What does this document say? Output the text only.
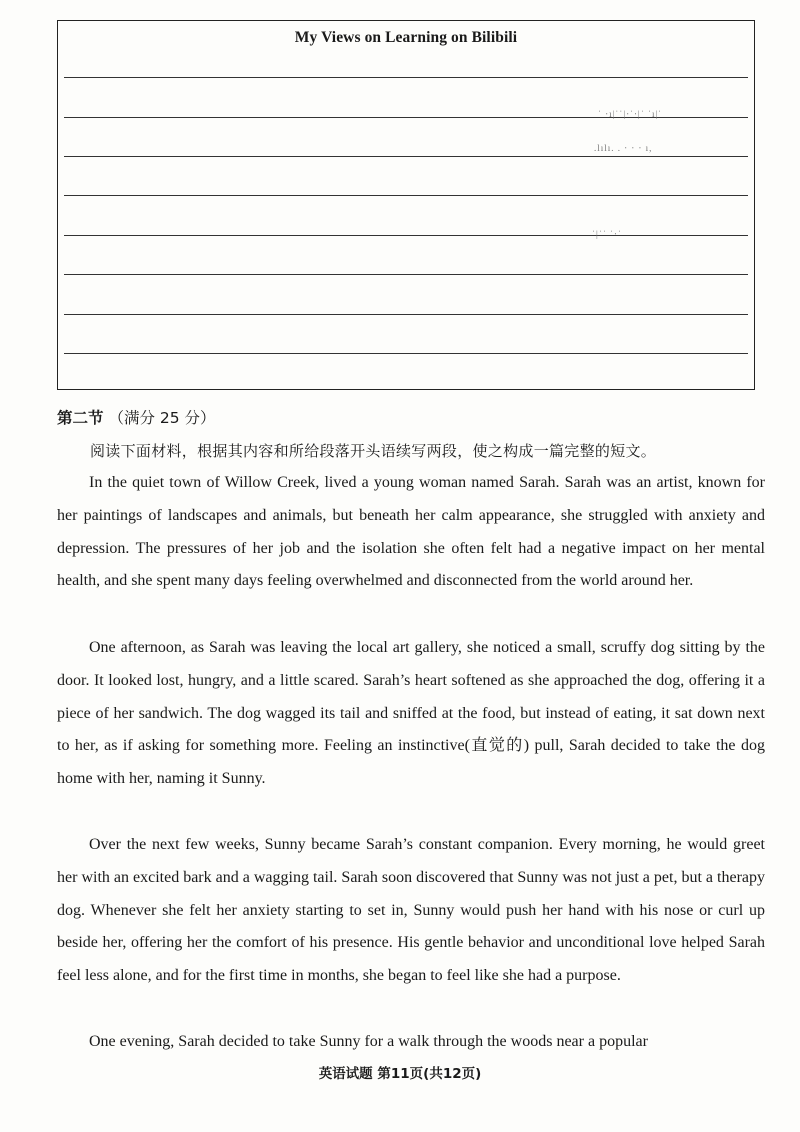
My Views on Learning on Bilibili
ˈ ‧ı|ˈˈ|‧ˈ‧|ˈ ˈı|ˈ
.lılı. . ‧ ‧ ‧ ı,
ˈ|ˈˈ ˈ‧ˈ
第二节 （满分 25 分）
阅读下面材料，根据其内容和所给段落开头语续写两段，使之构成一篇完整的短文。

In the quiet town of Willow Creek, lived a young woman named Sarah. Sarah was an artist, known for her paintings of landscapes and animals, but beneath her calm appearance, she struggled with anxiety and depression. The pressures of her job and the isolation she often felt had a negative impact on her mental health, and she spent many days feeling overwhelmed and disconnected from the world around her.

One afternoon, as Sarah was leaving the local art gallery, she noticed a small, scruffy dog sitting by the door. It looked lost, hungry, and a little scared. Sarah’s heart softened as she approached the dog, offering it a piece of her sandwich. The dog wagged its tail and sniffed at the food, but instead of eating, it sat down next to her, as if asking for something more. Feeling an instinctive(直觉的) pull, Sarah decided to take the dog home with her, naming it Sunny.

Over the next few weeks, Sunny became Sarah’s constant companion. Every morning, he would greet her with an excited bark and a wagging tail. Sarah soon discovered that Sunny was not just a pet, but a therapy dog. Whenever she felt her anxiety starting to set in, Sunny would push her hand with his nose or curl up beside her, offering her the comfort of his presence. His gentle behavior and unconditional love helped Sarah feel less alone, and for the first time in months, she began to feel like she had a purpose.

One evening, Sarah decided to take Sunny for a walk through the woods near a popular

英语试题 第11页(共12页)
